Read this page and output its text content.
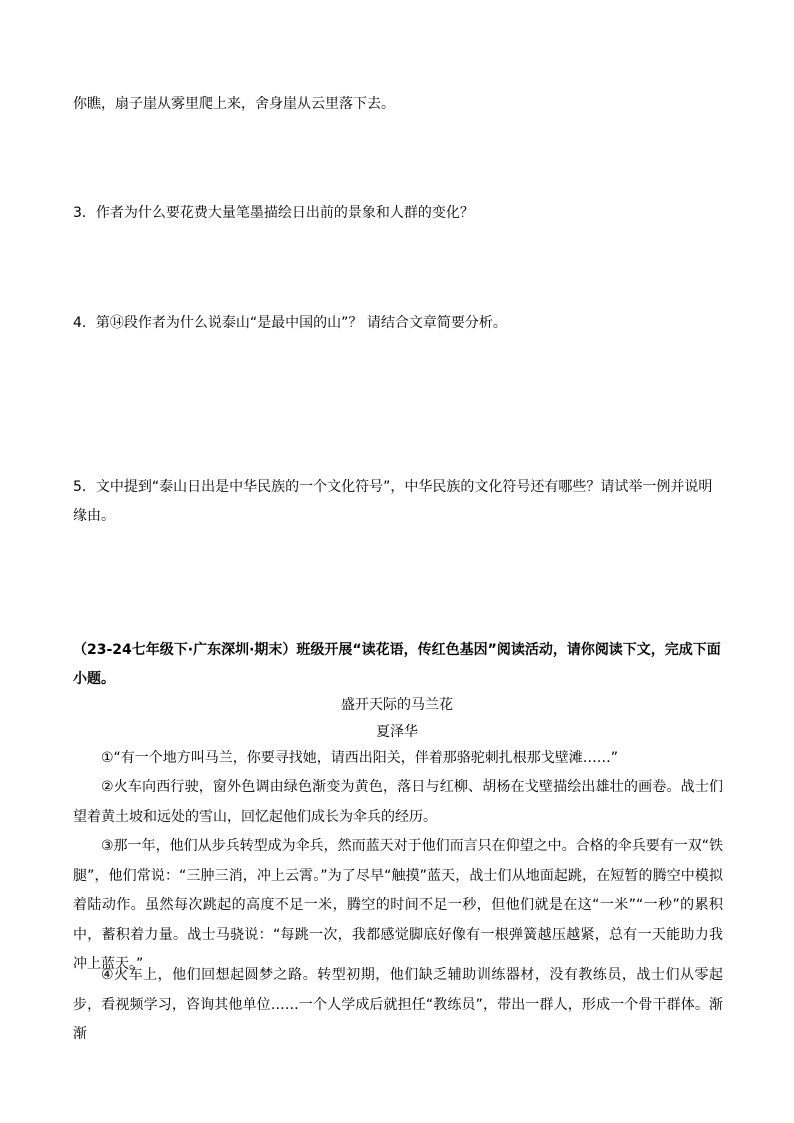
你瞧，扇子崖从雾里爬上来，舍身崖从云里落下去。
3．作者为什么要花费大量笔墨描绘日出前的景象和人群的变化？
4．第⑭段作者为什么说泰山“是最中国的山”？ 请结合文章简要分析。
5．文中提到“泰山日出是中华民族的一个文化符号”，中华民族的文化符号还有哪些？请试举一例并说明缘由。
（23-24七年级下·广东深圳·期末）班级开展“读花语，传红色基因”阅读活动，请你阅读下文，完成下面小题。
盛开天际的马兰花
夏泽华
①“有一个地方叫马兰，你要寻找她，请西出阳关，伴着那骆驼刺扎根那戈壁滩……”
②火车向西行驶，窗外色调由绿色渐变为黄色，落日与红柳、胡杨在戈壁描绘出雄壮的画卷。战士们望着黄土坡和远处的雪山，回忆起他们成长为伞兵的经历。
③那一年，他们从步兵转型成为伞兵，然而蓝天对于他们而言只在仰望之中。合格的伞兵要有一双“铁腿”，他们常说：“三肿三消，冲上云霄。”为了尽早“触摸”蓝天，战士们从地面起跳，在短暂的腾空中模拟着陆动作。虽然每次跳起的高度不足一米，腾空的时间不足一秒，但他们就是在这“一米”“一秒”的累积中，蓄积着力量。战士马骁说：“每跳一次，我都感觉脚底好像有一根弹簧越压越紧，总有一天能助力我冲上蓝天。”
④火车上，他们回想起圆梦之路。转型初期，他们缺乏辅助训练器材，没有教练员，战士们从零起步，看视频学习，咨询其他单位……一个人学成后就担任“教练员”，带出一群人，形成一个骨干群体。渐渐
